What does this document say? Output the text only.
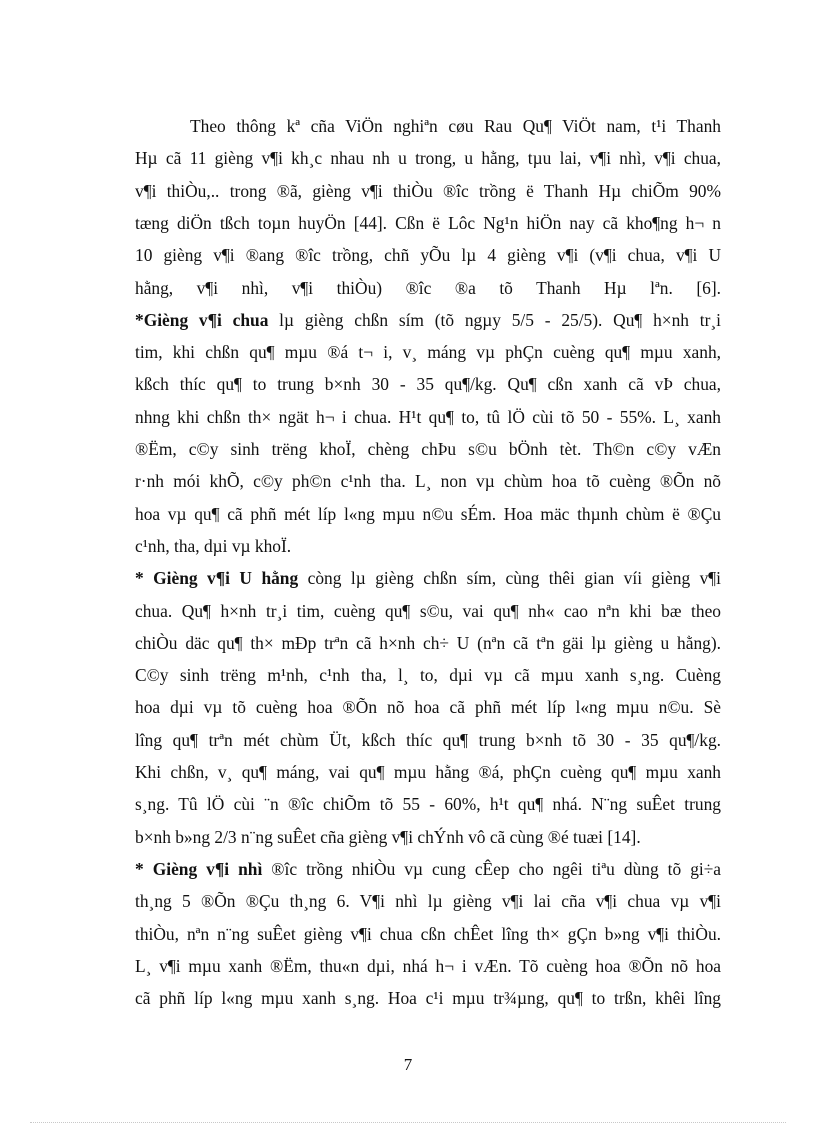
Theo thông kª cña ViÖn nghiªn cøu Rau Qu¶ ViÖt nam, t¹i Thanh
Hµ cã 11 gièng v¶i kh¸c nhau nh u trong, u hằng, tµu lai, v¶i nhì, v¶i chua,
v¶i thiÒu,.. trong ®ã, gièng v¶i thiÒu ®îc trồng ë Thanh Hµ chiÕm 90%
tæng diÖn tßch toµn huyÖn [44]. Cßn ë Lôc Ng¹n hiÖn nay cã kho¶ng h¬ n
10 gièng v¶i ®ang ®îc trồng, chñ yÕu lµ 4 gièng v¶i (v¶i chua, v¶i U
hằng, v¶i nhì, v¶i thiÒu) ®îc ®a tõ Thanh Hµ lªn. [6].
*Gièng v¶i chua lµ gièng chßn sím (tõ ngµy 5/5 - 25/5). Qu¶ h×nh tr¸i
tim, khi chßn qu¶ mµu ®á t¬ i, v¸ máng vµ phÇn cuèng qu¶ mµu xanh,
kßch thíc qu¶ to trung b×nh 30 - 35 qu¶/kg. Qu¶ cßn xanh cã vÞ chua,
nhng khi chßn th× ngät h¬ i chua. H¹t qu¶ to, tû lÖ cùi tõ 50 - 55%. L¸ xanh
®Ëm, c©y sinh trëng khoÏ, chèng chÞu s©u bÖnh tèt. Th©n c©y vÆn
r·nh mói khÕ, c©y ph©n c¹nh tha. L¸ non vµ chùm hoa tõ cuèng ®Õn nõ
hoa vµ qu¶ cã phñ mét líp l«ng mµu n©u sÉm. Hoa mäc thµnh chùm ë ®Çu
c¹nh, tha, dµi vµ khoÏ.
* Gièng v¶i U hằng còng lµ gièng chßn sím, cùng thêi gian víi gièng v¶i
chua. Qu¶ h×nh tr¸i tim, cuèng qu¶ s©u, vai qu¶ nh« cao nªn khi bæ theo
chiÒu däc qu¶ th× mÐp trªn cã h×nh ch÷ U (nªn cã tªn gäi lµ gièng u hằng).
C©y sinh trëng m¹nh, c¹nh tha, l¸ to, dµi vµ cã mµu xanh s¸ng. Cuèng
hoa dµi vµ tõ cuèng hoa ®Õn nõ hoa cã phñ mét líp l«ng mµu n©u. Sè
lîng qu¶ trªn mét chùm Üt, kßch thíc qu¶ trung b×nh tõ 30 - 35 qu¶/kg.
Khi chßn, v¸ qu¶ máng, vai qu¶ mµu hằng ®á, phÇn cuèng qu¶ mµu xanh
s¸ng. Tû lÖ cùi ¨n ®îc chiÕm tõ 55 - 60%, h¹t qu¶ nhá. N¨ng suÊet trung
b×nh b»ng 2/3 n¨ng suÊet cña gièng v¶i chÝnh vô cã cùng ®é tuæi [14].
* Gièng v¶i nhì ®îc trồng nhiÒu vµ cung cÊep cho ngêi tiªu dùng tõ gi÷a
th¸ng 5 ®Õn ®Çu th¸ng 6. V¶i nhì lµ gièng v¶i lai cña v¶i chua vµ v¶i
thiÒu, nªn n¨ng suÊet gièng v¶i chua cßn chÊet lîng th× gÇn b»ng v¶i thiÒu.
L¸ v¶i mµu xanh ®Ëm, thu«n dµi, nhá h¬ i vÆn. Tõ cuèng hoa ®Õn nõ hoa
cã phñ líp l«ng mµu xanh s¸ng. Hoa c¹i mµu tr¾µng, qu¶ to trßn, khêi lîng
7
